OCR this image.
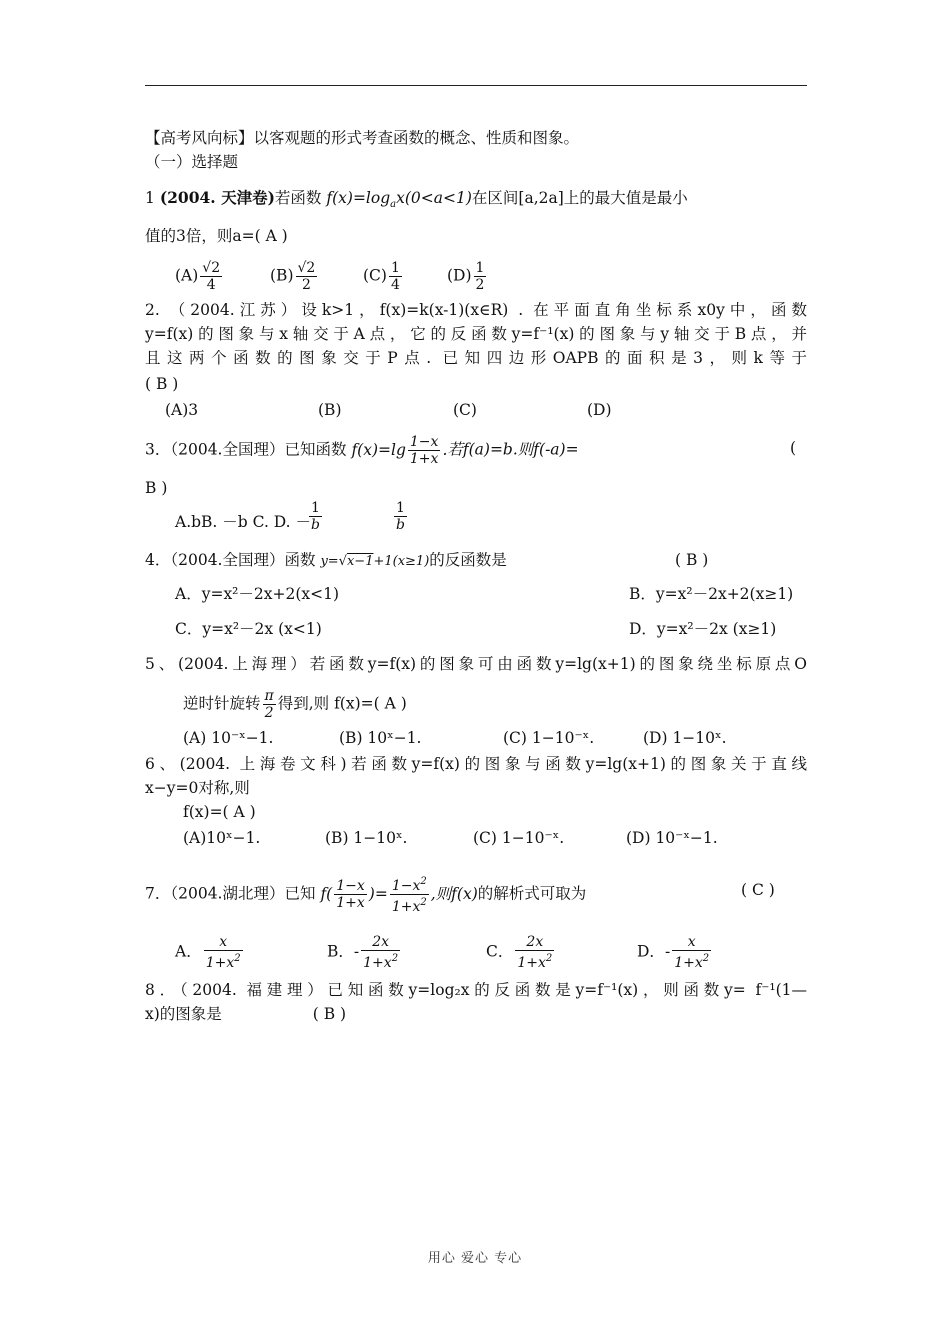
【高考风向标】以客观题的形式考查函数的概念、性质和图象。
（一）选择题
1 (2004. 天津卷)若函数 $f(x)=\log_ax(0<a<1)$在区间[a,2a]上的最大值是最小
值的3倍，则a=( A )
$(A) \frac{√2}{4}$	$(B) \frac{√2}{2}$	$(C) \frac{1}{4}$	$(D) \frac{1}{2}$
2. （2004.江苏）设k>1，f(x)=k(x-1)(x∈R) . 在平面直角坐标系x0y中，函数
y=f(x)的图象与x轴交于A点，它的反函数y=f⁻¹(x)的图象与y轴交于B点，并
且这两个函数的图象交于P点. 已知四边形OAPB的面积是3，则k等于
( B )
(A)3	(B)	(C)	(D)
3．（2004.全国理）已知函数 $f(x)=\lg \frac{1-x}{1+x}$ .若f(a)=b.则f(-a)=	(
B )
A.bB. －b C. D. －
$\frac{1}{b}$	$\frac{1}{b}$
4．（2004.全国理）函数 y=√x−1+1(x≥1)的反函数是	( B )
A．y=x²－2x+2(x<1)	B．y=x²－2x+2(x≥1)
C．y=x²－2x (x<1)	D．y=x²－2x (x≥1)
5、(2004.上海理）若函数y=f(x)的图象可由函数y=lg(x+1)的图象绕坐标原点O
逆时针旋转 $\frac{\pi}{2}$ 得到,则 f(x)=( A )
(A) 10⁻ˣ−1.	(B) 10ˣ−1.	(C) 1−10⁻ˣ.	(D) 1−10ˣ.
6、(2004. 上海卷文科)若函数y=f(x)的图象与函数y=lg(x+1)的图象关于直线
x−y=0对称,则
f(x)=( A )
(A)10ˣ−1.	(B) 1−10ˣ.	(C) 1−10⁻ˣ.	(D) 10⁻ˣ−1.
7．（2004.湖北理）已知 $f( \frac{1-x}{1+x}$ )= $\frac{1-x^2}{1+x^2}$ ,则f(x)的解析式可取为	( C )
A． $\frac{x}{1+x^2}$	B．- $\frac{2x}{1+x^2}$	C． $\frac{2x}{1+x^2}$	D．- $\frac{x}{1+x^2}$
8．（2004. 福建理）已知函数y=log₂x的反函数是y=f⁻¹(x)，则函数y= f⁻¹(1—
x)的图象是	( B )
用心 爱心 专心
